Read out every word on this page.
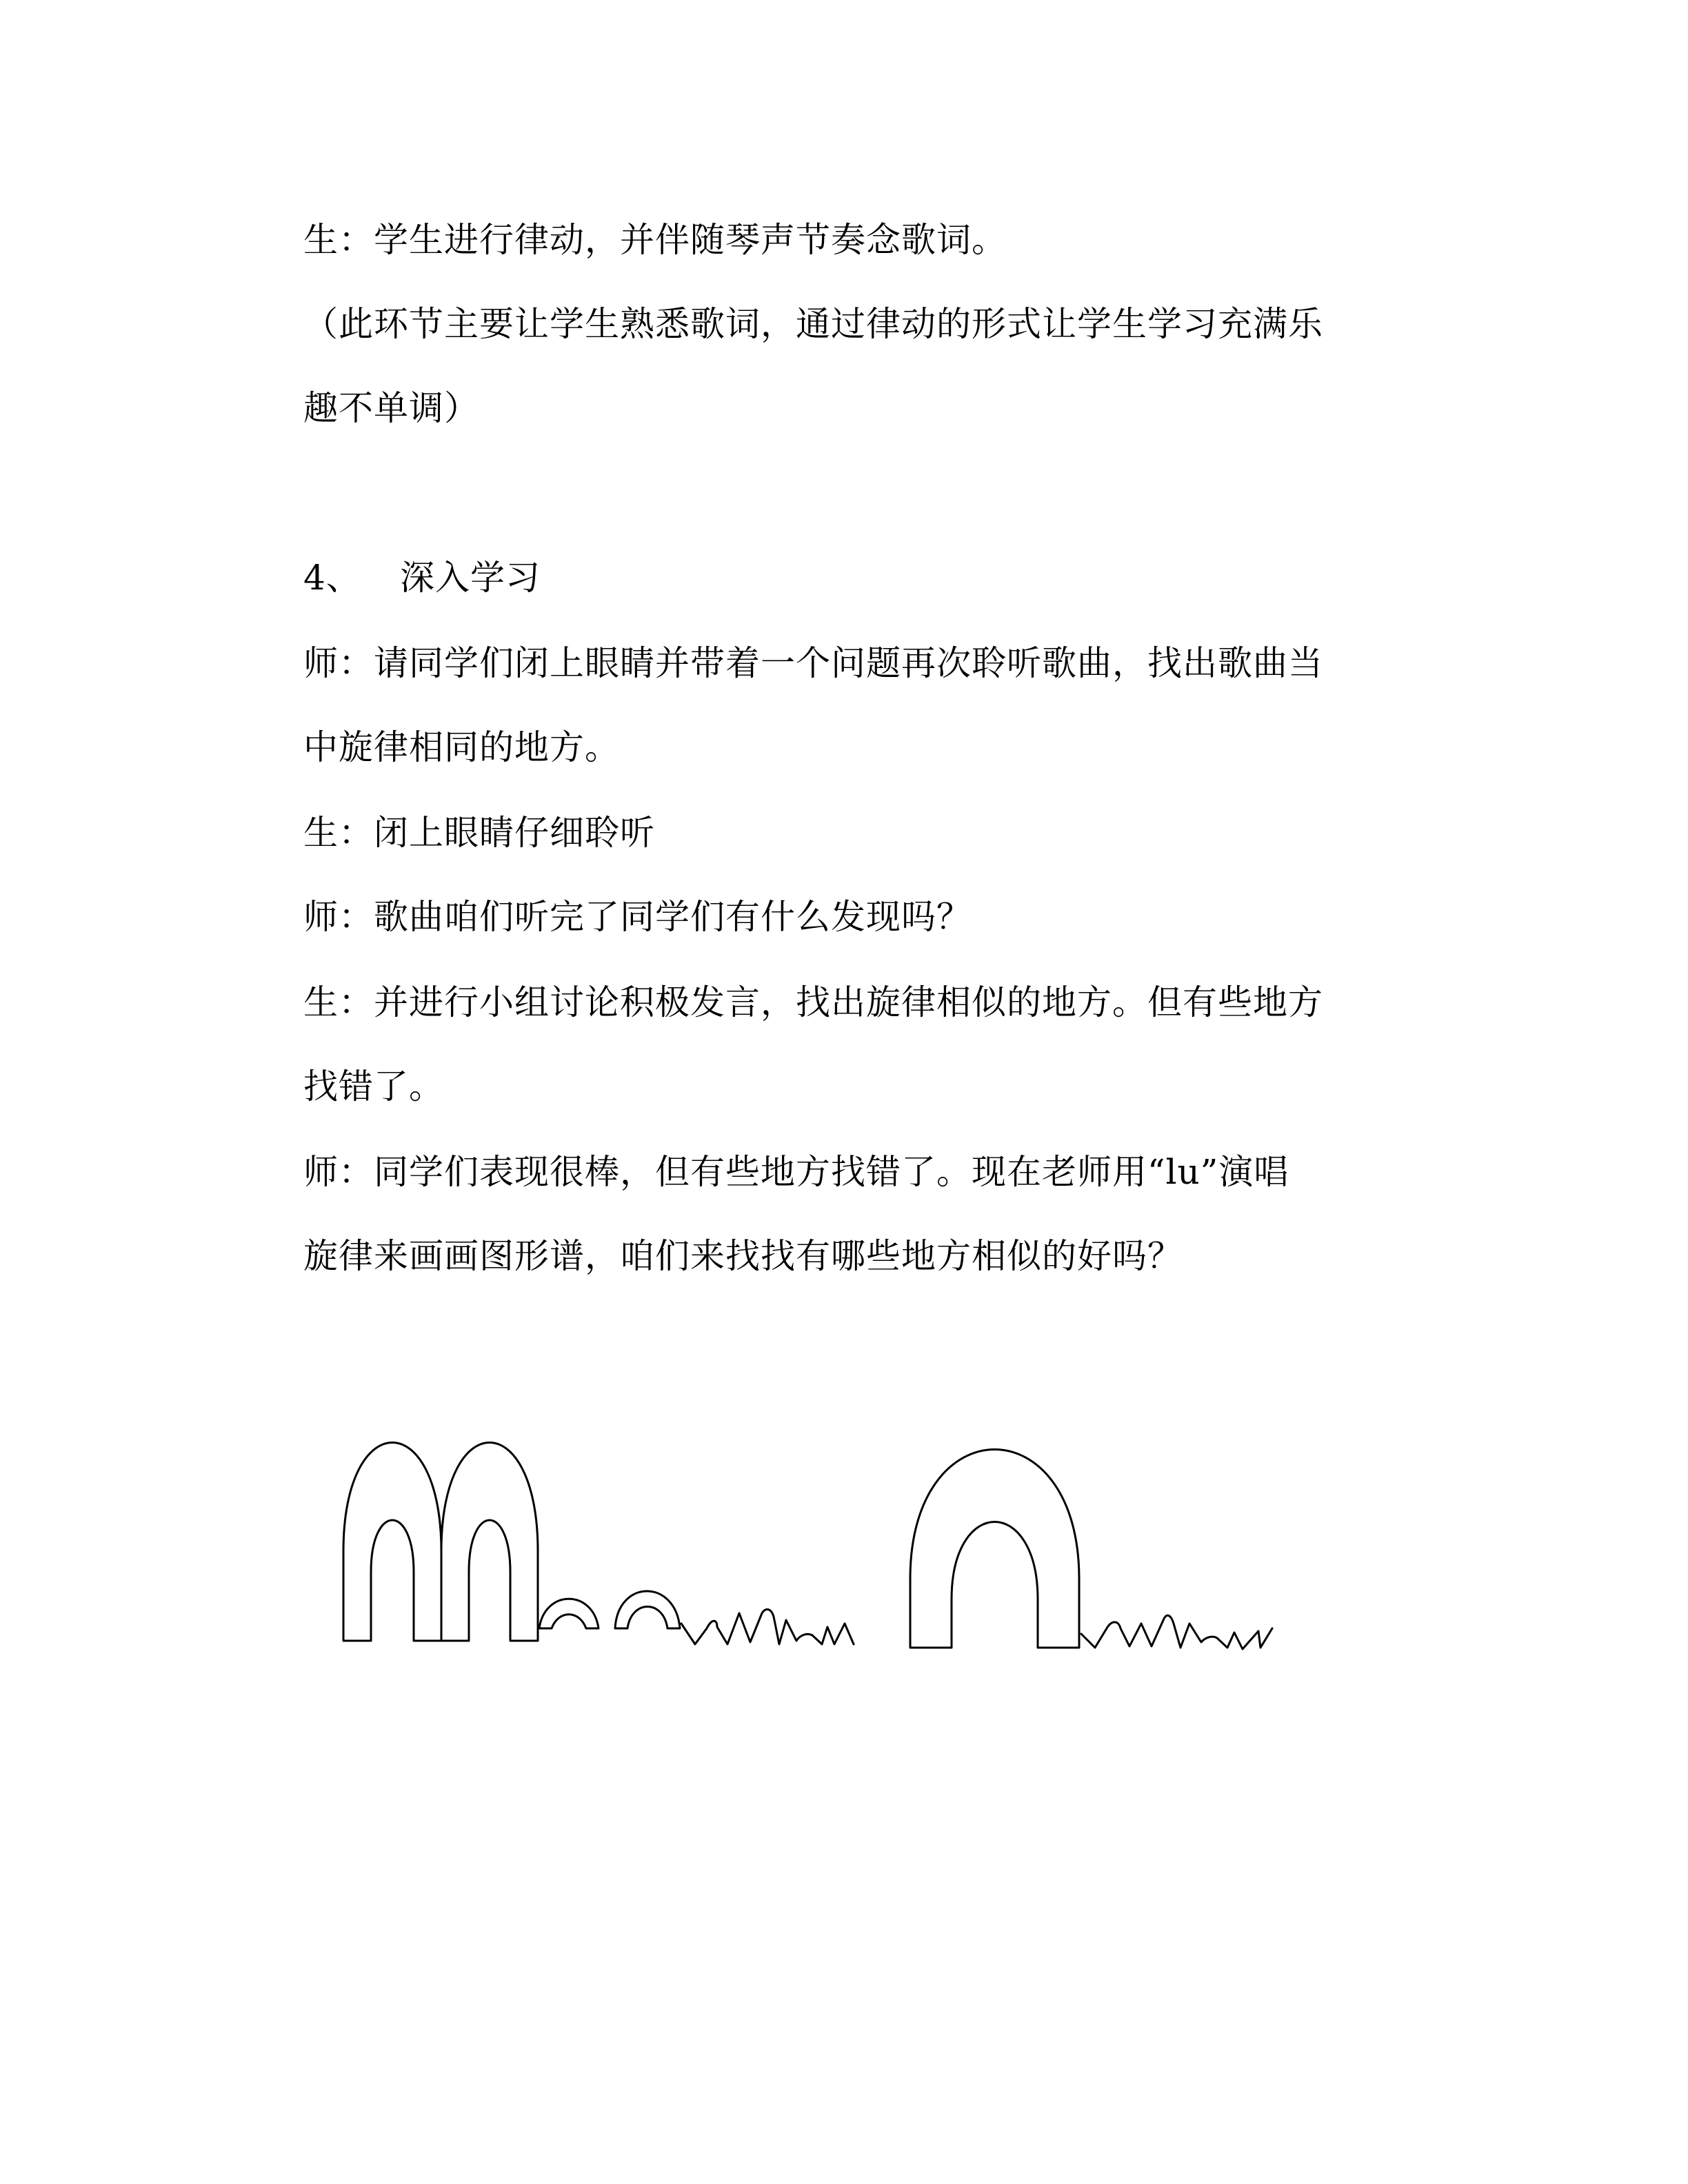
生：学生进行律动，并伴随琴声节奏念歌词。
（此环节主要让学生熟悉歌词，通过律动的形式让学生学习充满乐
趣不单调）
4、 深入学习
师：请同学们闭上眼睛并带着一个问题再次聆听歌曲，找出歌曲当
中旋律相同的地方。
生：闭上眼睛仔细聆听
师：歌曲咱们听完了同学们有什么发现吗？
生：并进行小组讨论积极发言，找出旋律相似的地方。但有些地方
找错了。
师：同学们表现很棒，但有些地方找错了。现在老师用“lu”演唱
旋律来画画图形谱，咱们来找找有哪些地方相似的好吗？
